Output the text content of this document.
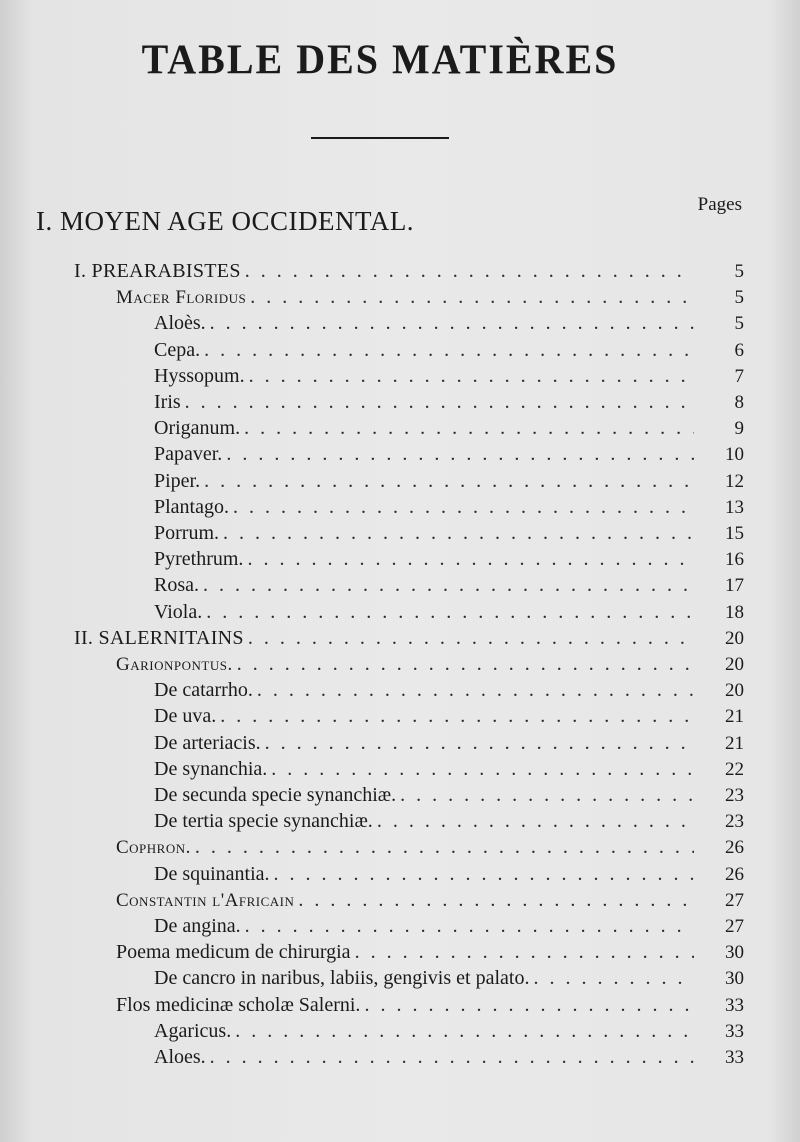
TABLE DES MATIÈRES
Pages
I. MOYEN AGE OCCIDENTAL.
I. PREARABISTES . . .	5
Macer Floridus . . .	5
Aloès. . . .	5
Cepa. . . .	6
Hyssopum. . . .	7
Iris . . .	8
Origanum. . . .	9
Papaver. . . .	10
Piper. . . .	12
Plantago. . . .	13
Porrum. . . .	15
Pyrethrum. . . .	16
Rosa. . . .	17
Viola. . . .	18
II. SALERNITAINS . . .	20
Garionpontus. . . .	20
De catarrho. . . .	20
De uva. . . .	21
De arteriacis. . . .	21
De synanchia. . . .	22
De secunda specie synanchiæ. . . .	23
De tertia specie synanchiæ. . . .	23
Cophron. . . .	26
De squinantia. . . .	26
Constantin l'Africain . . .	27
De angina. . . .	27
Poema medicum de chirurgia . . .	30
De cancro in naribus, labiis, gengivis et palato. . . .	30
Flos medicinæ scholæ Salerni. . . .	33
Agaricus. . . .	33
Aloes. . . .	33
